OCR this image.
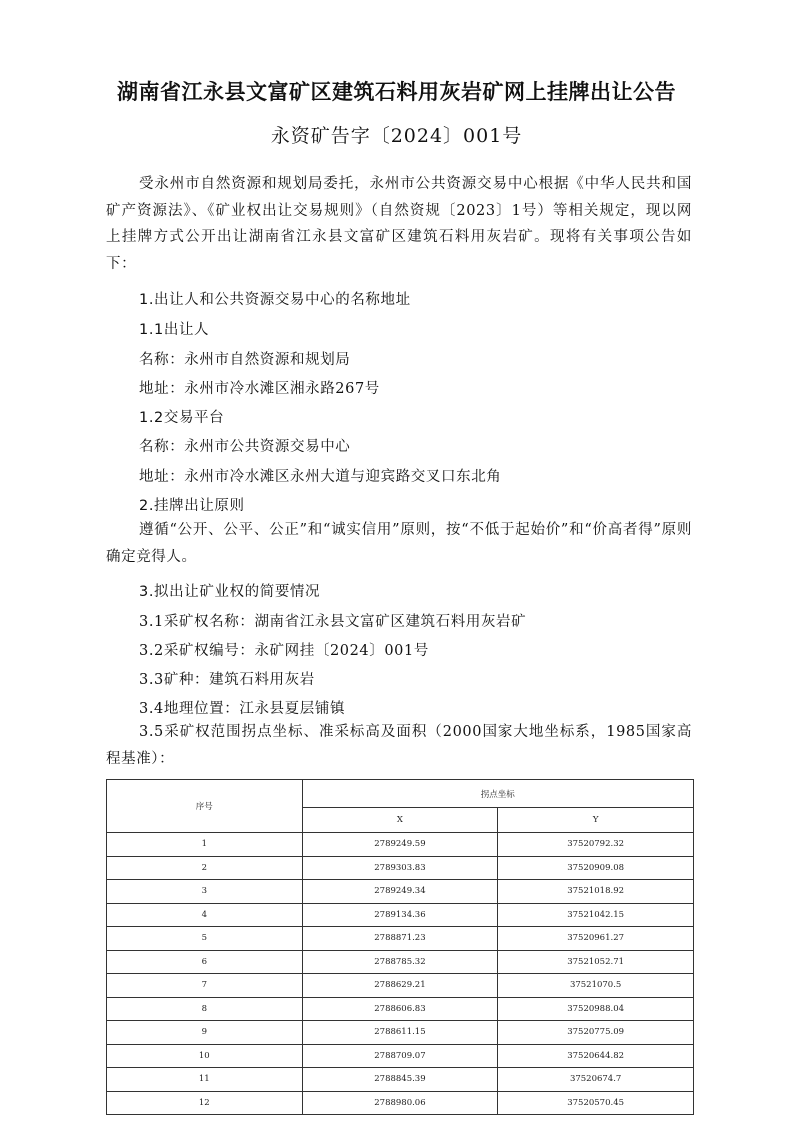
湖南省江永县文富矿区建筑石料用灰岩矿网上挂牌出让公告
永资矿告字〔2024〕001号

受永州市自然资源和规划局委托，永州市公共资源交易中心根据《中华人民共和国矿产资源法》、《矿业权出让交易规则》（自然资规〔2023〕1号）等相关规定，现以网上挂牌方式公开出让湖南省江永县文富矿区建筑石料用灰岩矿。现将有关事项公告如下：

1.出让人和公共资源交易中心的名称地址
1.1出让人
名称：永州市自然资源和规划局
地址：永州市冷水滩区湘永路267号
1.2交易平台
名称：永州市公共资源交易中心
地址：永州市冷水滩区永州大道与迎宾路交叉口东北角
2.挂牌出让原则

遵循“公开、公平、公正”和“诚实信用”原则，按“不低于起始价”和“价高者得”原则确定竞得人。

3.拟出让矿业权的简要情况
3.1采矿权名称：湖南省江永县文富矿区建筑石料用灰岩矿
3.2采矿权编号：永矿网挂〔2024〕001号
3.3矿种：建筑石料用灰岩
3.4地理位置：江永县夏层铺镇

3.5采矿权范围拐点坐标、准采标高及面积（2000国家大地坐标系，1985国家高程基准）：

序号	拐点坐标	
	X	Y
1	2789249.59	37520792.32
2	2789303.83	37520909.08
3	2789249.34	37521018.92
4	2789134.36	37521042.15
5	2788871.23	37520961.27
6	2788785.32	37521052.71
7	2788629.21	37521070.5
8	2788606.83	37520988.04
9	2788611.15	37520775.09
10	2788709.07	37520644.82
11	2788845.39	37520674.7
12	2788980.06	37520570.45
